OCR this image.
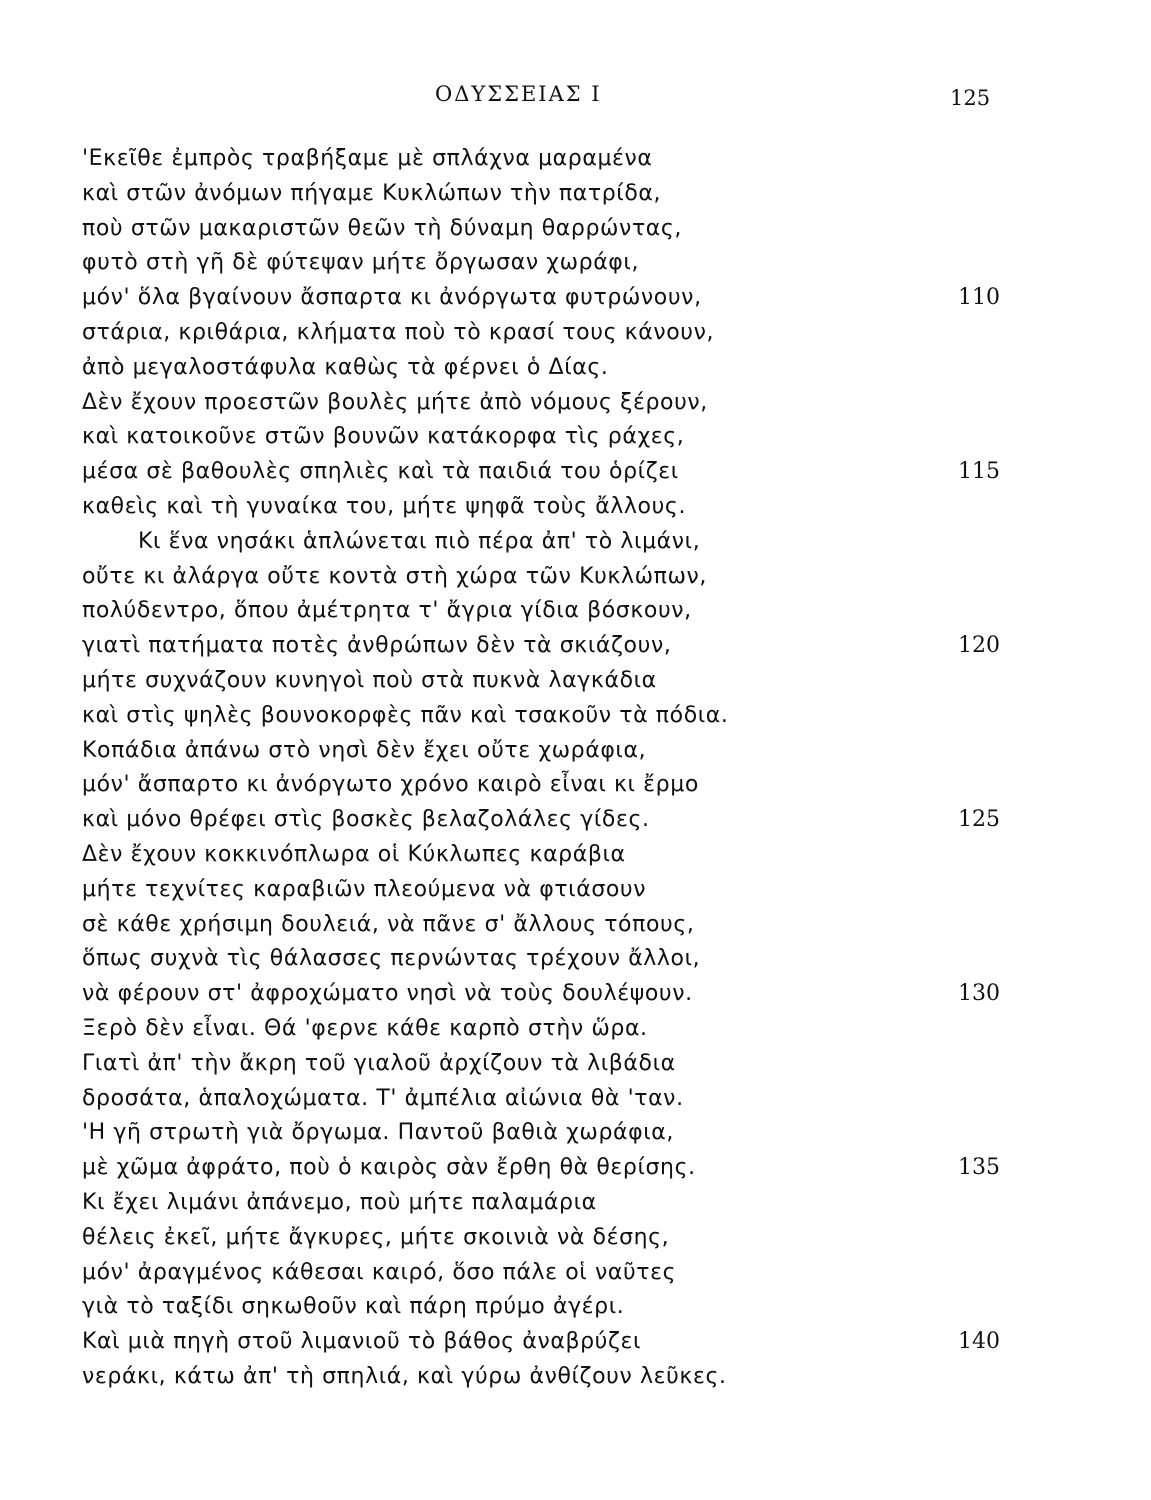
ΟΔΥΣΣΕΙΑΣ Ι	125
'Εκεῖθε ἐμπρὸς τραβήξαμε μὲ σπλάχνα μαραμένα
καὶ στῶν ἀνόμων πήγαμε Κυκλώπων τὴν πατρίδα,
ποὺ στῶν μακαριστῶν θεῶν τὴ δύναμη θαρρώντας,
φυτὸ στὴ γῆ δὲ φύτεψαν μήτε ὄργωσαν χωράφι,
μόν' ὅλα βγαίνουν ἄσπαρτα κι ἀνόργωτα φυτρώνουν,	110
στάρια, κριθάρια, κλήματα ποὺ τὸ κρασί τους κάνουν,
ἀπὸ μεγαλοστάφυλα καθὼς τὰ φέρνει ὁ Δίας.
Δὲν ἔχουν προεστῶν βουλὲς μήτε ἀπὸ νόμους ξέρουν,
καὶ κατοικοῦνε στῶν βουνῶν κατάκορφα τὶς ράχες,
μέσα σὲ βαθουλὲς σπηλιὲς καὶ τὰ παιδιά του ὁρίζει	115
καθεὶς καὶ τὴ γυναίκα του, μήτε ψηφᾶ τοὺς ἄλλους.
Κι ἕνα νησάκι ἁπλώνεται πιὸ πέρα ἀπ' τὸ λιμάνι,
οὔτε κι ἀλάργα οὔτε κοντὰ στὴ χώρα τῶν Κυκλώπων,
πολύδεντρο, ὅπου ἀμέτρητα τ' ἄγρια γίδια βόσκουν,
γιατὶ πατήματα ποτὲς ἀνθρώπων δὲν τὰ σκιάζουν,	120
μήτε συχνάζουν κυνηγοὶ ποὺ στὰ πυκνὰ λαγκάδια
καὶ στὶς ψηλὲς βουνοκορφὲς πᾶν καὶ τσακοῦν τὰ πόδια.
Κοπάδια ἀπάνω στὸ νησὶ δὲν ἔχει οὔτε χωράφια,
μόν' ἄσπαρτο κι ἀνόργωτο χρόνο καιρὸ εἶναι κι ἔρμο
καὶ μόνο θρέφει στὶς βοσκὲς βελαζολάλες γίδες.	125
Δὲν ἔχουν κοκκινόπλωρα οἱ Κύκλωπες καράβια
μήτε τεχνίτες καραβιῶν πλεούμενα νὰ φτιάσουν
σὲ κάθε χρήσιμη δουλειά, νὰ πᾶνε σ' ἄλλους τόπους,
ὅπως συχνὰ τὶς θάλασσες περνώντας τρέχουν ἄλλοι,
νὰ φέρουν στ' ἀφροχώματο νησὶ νὰ τοὺς δουλέψουν.	130
Ξερὸ δὲν εἶναι. Θά 'φερνε κάθε καρπὸ στὴν ὥρα.
Γιατὶ ἀπ' τὴν ἄκρη τοῦ γιαλοῦ ἀρχίζουν τὰ λιβάδια
δροσάτα, ἁπαλοχώματα. Τ' ἀμπέλια αἰώνια θὰ 'ταν.
'Η γῆ στρωτὴ γιὰ ὄργωμα. Παντοῦ βαθιὰ χωράφια,
μὲ χῶμα ἀφράτο, ποὺ ὁ καιρὸς σὰν ἔρθη θὰ θερίσης.	135
Κι ἔχει λιμάνι ἀπάνεμο, ποὺ μήτε παλαμάρια
θέλεις ἐκεῖ, μήτε ἄγκυρες, μήτε σκοινιὰ νὰ δέσης,
μόν' ἀραγμένος κάθεσαι καιρό, ὅσο πάλε οἱ ναῦτες
γιὰ τὸ ταξίδι σηκωθοῦν καὶ πάρη πρύμο ἀγέρι.
Καὶ μιὰ πηγὴ στοῦ λιμανιοῦ τὸ βάθος ἀναβρύζει	140
νεράκι, κάτω ἀπ' τὴ σπηλιά, καὶ γύρω ἀνθίζουν λεῦκες.
